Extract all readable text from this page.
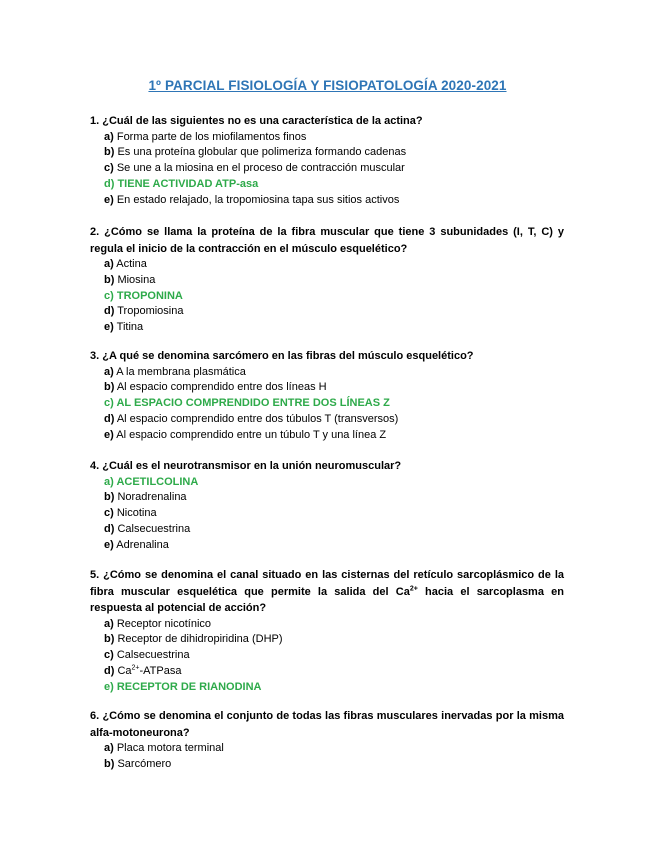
1º PARCIAL FISIOLOGÍA Y FISIOPATOLOGÍA 2020-2021

1. ¿Cuál de las siguientes no es una característica de la actina?

a) Forma parte de los miofilamentos finos
b) Es una proteína globular que polimeriza formando cadenas
c) Se une a la miosina en el proceso de contracción muscular
d) TIENE ACTIVIDAD ATP-asa
e) En estado relajado, la tropomiosina tapa sus sitios activos

2. ¿Cómo se llama la proteína de la fibra muscular que tiene 3 subunidades (I, T, C) y regula el inicio de la contracción en el músculo esquelético?

a) Actina
b) Miosina
c) TROPONINA
d) Tropomiosina
e) Titina

3. ¿A qué se denomina sarcómero en las fibras del músculo esquelético?

a) A la membrana plasmática
b) Al espacio comprendido entre dos líneas H
c) AL ESPACIO COMPRENDIDO ENTRE DOS LÍNEAS Z
d) Al espacio comprendido entre dos túbulos T (transversos)
e) Al espacio comprendido entre un túbulo T y una línea Z

4. ¿Cuál es el neurotransmisor en la unión neuromuscular?

a) ACETILCOLINA
b) Noradrenalina
c) Nicotina
d) Calsecuestrina
e) Adrenalina

5. ¿Cómo se denomina el canal situado en las cisternas del retículo sarcoplásmico de la fibra muscular esquelética que permite la salida del $Ca^{2+}$ hacia el sarcoplasma en respuesta al potencial de acción?

a) Receptor nicotínico
b) Receptor de dihidropiridina (DHP)
c) Calsecuestrina
d) $Ca^{2+}$-ATPasa
e) RECEPTOR DE RIANODINA

6. ¿Cómo se denomina el conjunto de todas las fibras musculares inervadas por la misma alfa-motoneurona?

a) Placa motora terminal
b) Sarcómero
